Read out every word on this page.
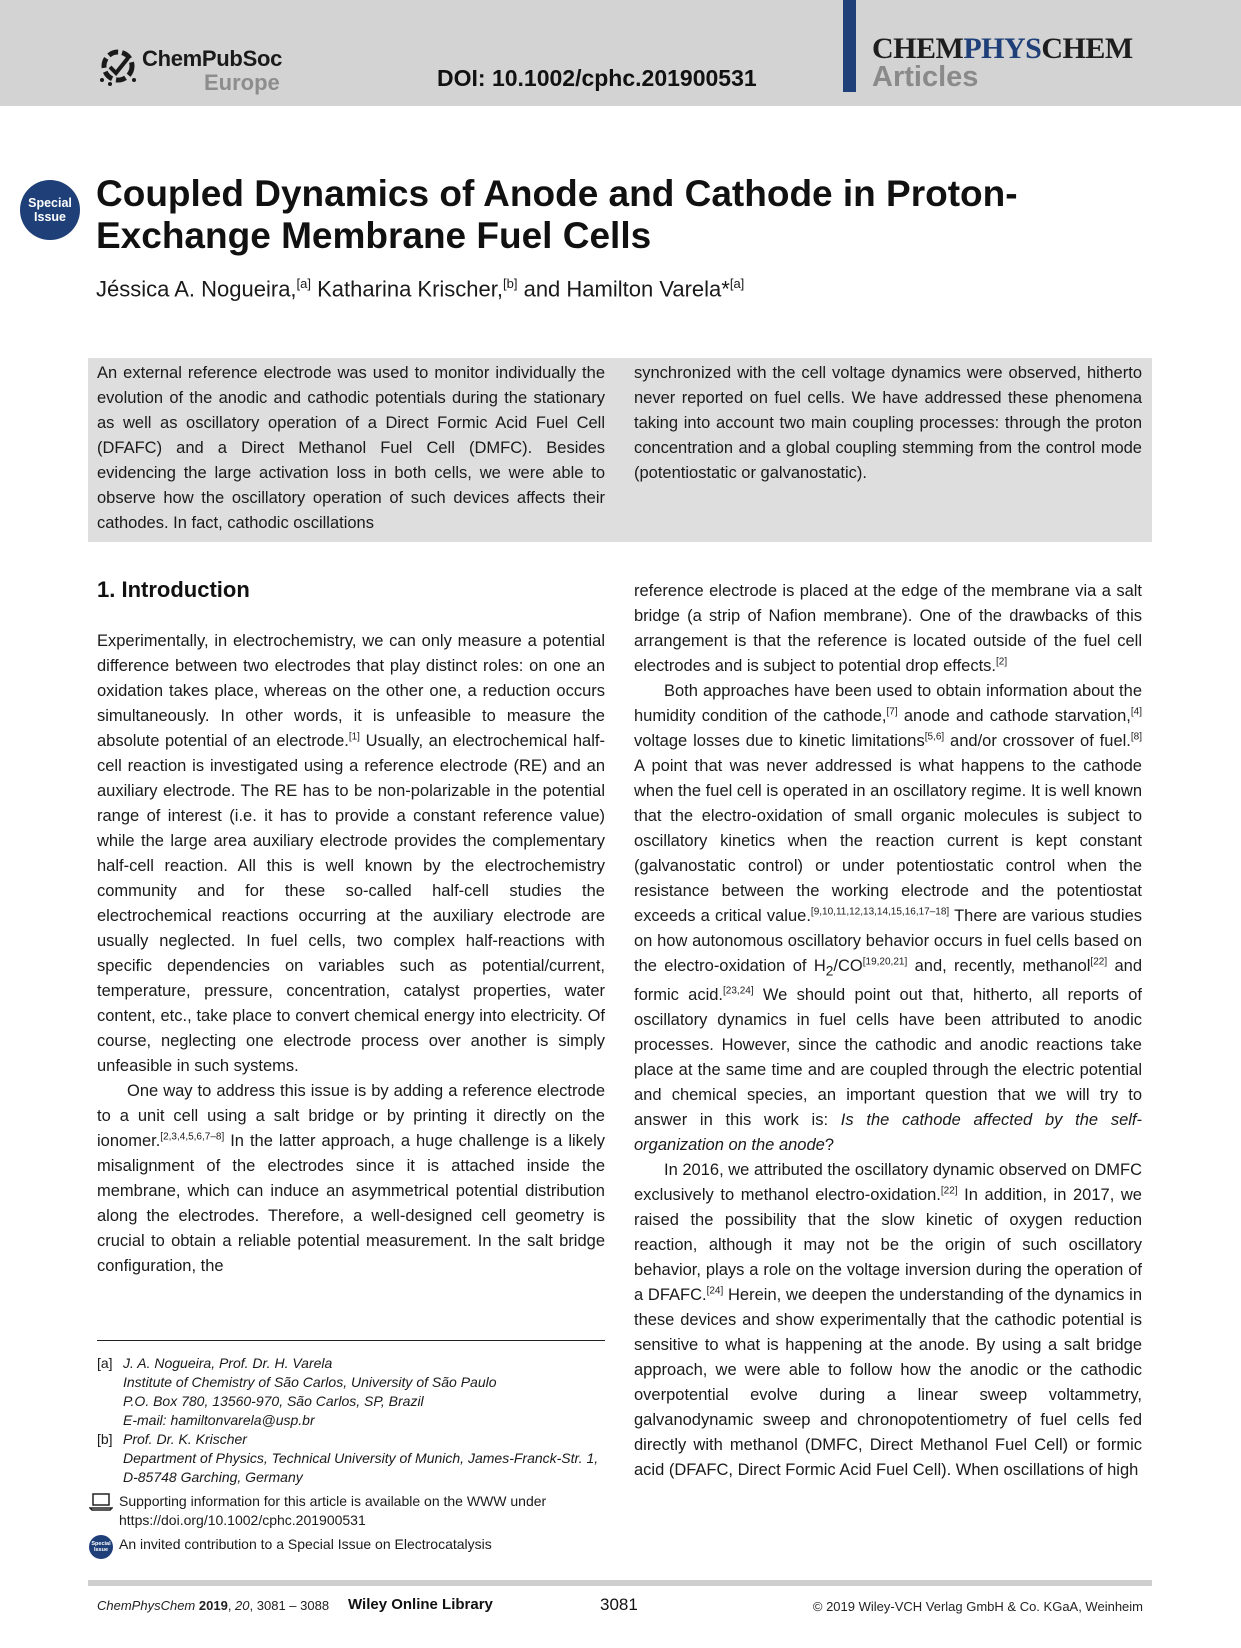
ChemPubSoc
Europe	DOI: 10.1002/cphc.201900531
CHEMPHYSCHEM
Articles
Special
Issue
Coupled Dynamics of Anode and Cathode in Proton-Exchange Membrane Fuel Cells
Jéssica A. Nogueira,[a] Katharina Krischer,[b] and Hamilton Varela*[a]
An external reference electrode was used to monitor individually the evolution of the anodic and cathodic potentials during the stationary as well as oscillatory operation of a Direct Formic Acid Fuel Cell (DFAFC) and a Direct Methanol Fuel Cell (DMFC). Besides evidencing the large activation loss in both cells, we were able to observe how the oscillatory operation of such devices affects their cathodes. In fact, cathodic oscillations
synchronized with the cell voltage dynamics were observed, hitherto never reported on fuel cells. We have addressed these phenomena taking into account two main coupling processes: through the proton concentration and a global coupling stemming from the control mode (potentiostatic or galvanostatic).
1. Introduction

Experimentally, in electrochemistry, we can only measure a potential difference between two electrodes that play distinct roles: on one an oxidation takes place, whereas on the other one, a reduction occurs simultaneously. In other words, it is unfeasible to measure the absolute potential of an electrode.[1] Usually, an electrochemical half-cell reaction is investigated using a reference electrode (RE) and an auxiliary electrode. The RE has to be non-polarizable in the potential range of interest (i.e. it has to provide a constant reference value) while the large area auxiliary electrode provides the complementary half-cell reaction. All this is well known by the electrochemistry community and for these so-called half-cell studies the electrochemical reactions occurring at the auxiliary electrode are usually neglected. In fuel cells, two complex half-reactions with specific dependencies on variables such as potential/current, temperature, pressure, concentration, catalyst properties, water content, etc., take place to convert chemical energy into electricity. Of course, neglecting one electrode process over another is simply unfeasible in such systems.

One way to address this issue is by adding a reference electrode to a unit cell using a salt bridge or by printing it directly on the ionomer.[2,3,4,5,6,7–8] In the latter approach, a huge challenge is a likely misalignment of the electrodes since it is attached inside the membrane, which can induce an asymmetrical potential distribution along the electrodes. Therefore, a well-designed cell geometry is crucial to obtain a reliable potential measurement. In the salt bridge configuration, the

reference electrode is placed at the edge of the membrane via a salt bridge (a strip of Nafion membrane). One of the drawbacks of this arrangement is that the reference is located outside of the fuel cell electrodes and is subject to potential drop effects.[2]

Both approaches have been used to obtain information about the humidity condition of the cathode,[7] anode and cathode starvation,[4] voltage losses due to kinetic limitations[5,6] and/or crossover of fuel.[8] A point that was never addressed is what happens to the cathode when the fuel cell is operated in an oscillatory regime. It is well known that the electro-oxidation of small organic molecules is subject to oscillatory kinetics when the reaction current is kept constant (galvanostatic control) or under potentiostatic control when the resistance between the working electrode and the potentiostat exceeds a critical value.[9,10,11,12,13,14,15,16,17–18] There are various studies on how autonomous oscillatory behavior occurs in fuel cells based on the electro-oxidation of $H_2/CO[19,20,21]$ and, recently, methanol[22] and formic acid.[23,24] We should point out that, hitherto, all reports of oscillatory dynamics in fuel cells have been attributed to anodic processes. However, since the cathodic and anodic reactions take place at the same time and are coupled through the electric potential and chemical species, an important question that we will try to answer in this work is: Is the cathode affected by the self-organization on the anode?

In 2016, we attributed the oscillatory dynamic observed on DMFC exclusively to methanol electro-oxidation.[22] In addition, in 2017, we raised the possibility that the slow kinetic of oxygen reduction reaction, although it may not be the origin of such oscillatory behavior, plays a role on the voltage inversion during the operation of a DFAFC.[24] Herein, we deepen the understanding of the dynamics in these devices and show experimentally that the cathodic potential is sensitive to what is happening at the anode. By using a salt bridge approach, we were able to follow how the anodic or the cathodic overpotential evolve during a linear sweep voltammetry, galvanodynamic sweep and chronopotentiometry of fuel cells fed directly with methanol (DMFC, Direct Methanol Fuel Cell) or formic acid (DFAFC, Direct Formic Acid Fuel Cell). When oscillations of high

[a] J. A. Nogueira, Prof. Dr. H. Varela
Institute of Chemistry of São Carlos, University of São Paulo
P.O. Box 780, 13560-970, São Carlos, SP, Brazil
E-mail: hamiltonvarela@usp.br
[b] Prof. Dr. K. Krischer
Department of Physics, Technical University of Munich, James-Franck-Str. 1, D-85748 Garching, Germany
Supporting information for this article is available on the WWW under https://doi.org/10.1002/cphc.201900531
Special
Issue An invited contribution to a Special Issue on Electrocatalysis
ChemPhysChem 2019, 20, 3081 – 3088 Wiley Online Library	3081	© 2019 Wiley-VCH Verlag GmbH & Co. KGaA, Weinheim
